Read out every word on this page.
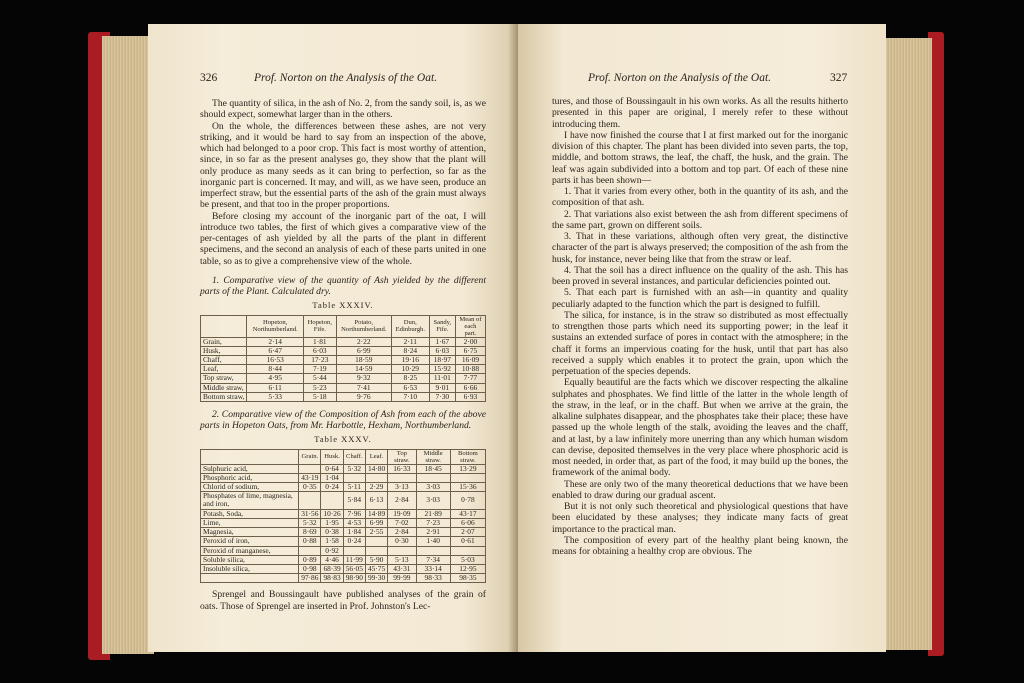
326	Prof. Norton on the Analysis of the Oat.

The quantity of silica, in the ash of No. 2, from the sandy soil, is, as we should expect, somewhat larger than in the others.

On the whole, the differences between these ashes, are not very striking, and it would be hard to say from an inspection of the above, which had belonged to a poor crop. This fact is most worthy of attention, since, in so far as the present analyses go, they show that the plant will only produce as many seeds as it can bring to perfection, so far as the inorganic part is concerned. It may, and will, as we have seen, produce an imperfect straw, but the essential parts of the ash of the grain must always be present, and that too in the proper proportions.

Before closing my account of the inorganic part of the oat, I will introduce two tables, the first of which gives a comparative view of the per-centages of ash yielded by all the parts of the plant in different specimens, and the second an analysis of each of these parts united in one table, so as to give a comprehensive view of the whole.

1. Comparative view of the quantity of Ash yielded by the different parts of the Plant. Calculated dry.

Table XXXIV.
	Hopeton, Northumberland.	Hopeton, Fife.	Potato, Northumberland.	Dun, Edinburgh.	Sandy, Fife.	Mean of each part.
Grain,	2·14	1·81	2·22	2·11	1·67	2·00
Husk,	6·47	6·03	6·99	8·24	6·03	6·75
Chaff,	16·53	17·23	18·59	19·16	18·97	16·09
Leaf,	8·44	7·19	14·59	10·29	15·92	10·88
Top straw,	4·95	5·44	9·32	8·25	11·01	7·77
Middle straw,	6·11	5·23	7·41	6·53	9·01	6·66
Bottom straw,	5·33	5·18	9·76	7·10	7·30	6·93

2. Comparative view of the Composition of Ash from each of the above parts in Hopeton Oats, from Mr. Harbottle, Hexham, Northumberland.

Table XXXV.
	Grain.	Husk.	Chaff.	Leaf.	Top straw.	Middle straw.	Bottom straw.
Sulphuric acid,		0·64	5·32	14·80	16·33	18·45	13·29
Phosphoric acid,	43·19	1·04					
Chlorid of sodium,	0·35	0·24	5·11	2·29	3·13	3·03	15·36
Phosphates of lime, magnesia, and iron,			5·84	6·13	2·84	3·03	0·78
Potash, Soda,	31·56	10·26	7·96	14·89	19·09	21·89	43·17
Lime,	5·32	1·95	4·53	6·99	7·02	7·23	6·06
Magnesia,	8·69	0·38	1·84	2·55	2·84	2·91	2·07
Peroxid of iron,	0·88	1·58	0·24		0·30	1·40	0·61
Peroxid of manganese,		0·92					
Soluble silica,	0·89	4·46	11·99	5·90	5·13	7·34	5·03
Insoluble silica,	0·98	68·39	56·05	45·75	43·31	33·14	12·95
	97·86	98·83	98·90	99·30	99·99	98·33	98·35

Sprengel and Boussingault have published analyses of the grain of oats. Those of Sprengel are inserted in Prof. Johnston's Lec-

Prof. Norton on the Analysis of the Oat.	327

tures, and those of Boussingault in his own works. As all the results hitherto presented in this paper are original, I merely refer to these without introducing them.

I have now finished the course that I at first marked out for the inorganic division of this chapter. The plant has been divided into seven parts, the top, middle, and bottom straws, the leaf, the chaff, the husk, and the grain. The leaf was again subdivided into a bottom and top part. Of each of these nine parts it has been shown—

1. That it varies from every other, both in the quantity of its ash, and the composition of that ash.

2. That variations also exist between the ash from different specimens of the same part, grown on different soils.

3. That in these variations, although often very great, the distinctive character of the part is always preserved; the composition of the ash from the husk, for instance, never being like that from the straw or leaf.

4. That the soil has a direct influence on the quality of the ash. This has been proved in several instances, and particular deficiencies pointed out.

5. That each part is furnished with an ash—in quantity and quality peculiarly adapted to the function which the part is designed to fulfill.

The silica, for instance, is in the straw so distributed as most effectually to strengthen those parts which need its supporting power; in the leaf it sustains an extended surface of pores in contact with the atmosphere; in the chaff it forms an impervious coating for the husk, until that part has also received a supply which enables it to protect the grain, upon which the perpetuation of the species depends.

Equally beautiful are the facts which we discover respecting the alkaline sulphates and phosphates. We find little of the latter in the whole length of the straw, in the leaf, or in the chaff. But when we arrive at the grain, the alkaline sulphates disappear, and the phosphates take their place; these have passed up the whole length of the stalk, avoiding the leaves and the chaff, and at last, by a law infinitely more unerring than any which human wisdom can devise, deposited themselves in the very place where phosphoric acid is most needed, in order that, as part of the food, it may build up the bones, the framework of the animal body.

These are only two of the many theoretical deductions that we have been enabled to draw during our gradual ascent.

But it is not only such theoretical and physiological questions that have been elucidated by these analyses; they indicate many facts of great importance to the practical man.

The composition of every part of the healthy plant being known, the means for obtaining a healthy crop are obvious. The
